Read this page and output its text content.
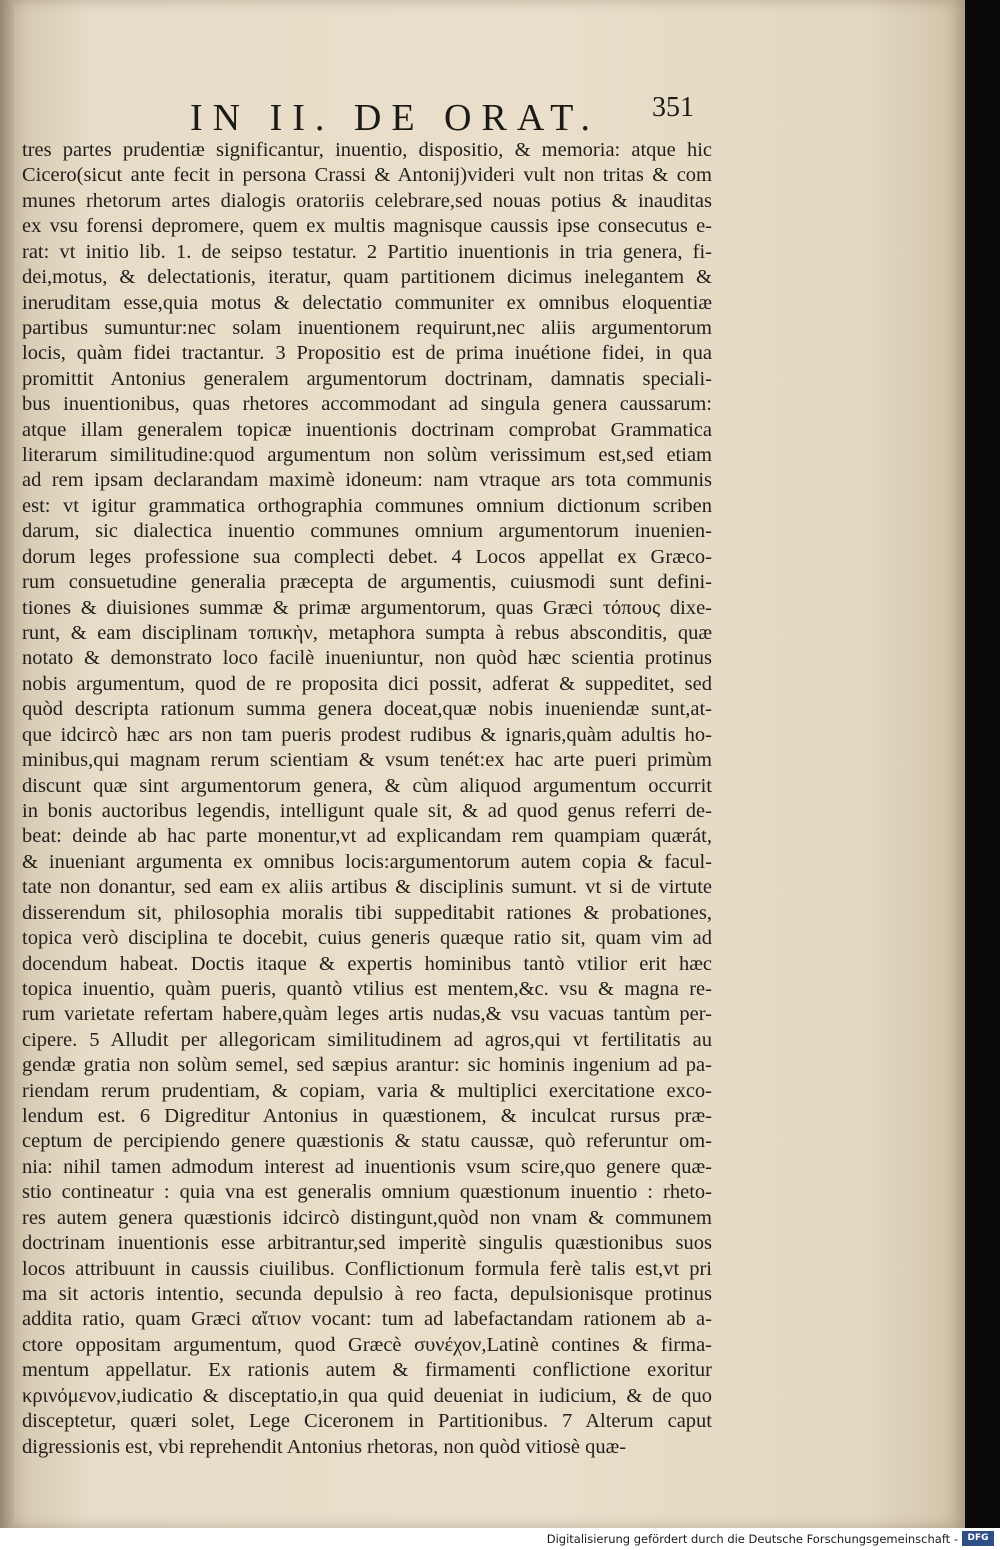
IN II. DE ORAT.	351
tres partes prudentiæ significantur, inuentio, dispositio, & memoria: atque hic
Cicero(sicut ante fecit in persona Crassi & Antonij)videri vult non tritas & com
munes rhetorum artes dialogis oratoriis celebrare,sed nouas potius & inauditas
ex vsu forensi depromere, quem ex multis magnisque caussis ipse consecutus e-
rat: vt initio lib. 1. de seipso testatur. 2 Partitio inuentionis in tria genera, fi-
dei,motus, & delectationis, iteratur, quam partitionem dicimus inelegantem &
ineruditam esse,quia motus & delectatio communiter ex omnibus eloquentiæ
partibus sumuntur:nec solam inuentionem requirunt,nec aliis argumentorum
locis, quàm fidei tractantur. 3 Propositio est de prima inuétione fidei, in qua
promittit Antonius generalem argumentorum doctrinam, damnatis speciali-
bus inuentionibus, quas rhetores accommodant ad singula genera caussarum:
atque illam generalem topicæ inuentionis doctrinam comprobat Grammatica
literarum similitudine:quod argumentum non solùm verissimum est,sed etiam
ad rem ipsam declarandam maximè idoneum: nam vtraque ars tota communis
est: vt igitur grammatica orthographia communes omnium dictionum scriben
darum, sic dialectica inuentio communes omnium argumentorum inuenien-
dorum leges professione sua complecti debet. 4 Locos appellat ex Græco-
rum consuetudine generalia præcepta de argumentis, cuiusmodi sunt defini-
tiones & diuisiones summæ & primæ argumentorum, quas Græci τόπους dixe-
runt, & eam disciplinam τοπικὴν, metaphora sumpta à rebus absconditis, quæ
notato & demonstrato loco facilè inueniuntur, non quòd hæc scientia protinus
nobis argumentum, quod de re proposita dici possit, adferat & suppeditet, sed
quòd descripta rationum summa genera doceat,quæ nobis inueniendæ sunt,at-
que idcircò hæc ars non tam pueris prodest rudibus & ignaris,quàm adultis ho-
minibus,qui magnam rerum scientiam & vsum tenét:ex hac arte pueri primùm
discunt quæ sint argumentorum genera, & cùm aliquod argumentum occurrit
in bonis auctoribus legendis, intelligunt quale sit, & ad quod genus referri de-
beat: deinde ab hac parte monentur,vt ad explicandam rem quampiam quærát,
& inueniant argumenta ex omnibus locis:argumentorum autem copia & facul-
tate non donantur, sed eam ex aliis artibus & disciplinis sumunt. vt si de virtute
disserendum sit, philosophia moralis tibi suppeditabit rationes & probationes,
topica verò disciplina te docebit, cuius generis quæque ratio sit, quam vim ad
docendum habeat. Doctis itaque & expertis hominibus tantò vtilior erit hæc
topica inuentio, quàm pueris, quantò vtilius est mentem,&c. vsu & magna re-
rum varietate refertam habere,quàm leges artis nudas,& vsu vacuas tantùm per-
cipere. 5 Alludit per allegoricam similitudinem ad agros,qui vt fertilitatis au
gendæ gratia non solùm semel, sed sæpius arantur: sic hominis ingenium ad pa-
riendam rerum prudentiam, & copiam, varia & multiplici exercitatione exco-
lendum est. 6 Digreditur Antonius in quæstionem, & inculcat rursus præ-
ceptum de percipiendo genere quæstionis & statu caussæ, quò referuntur om-
nia: nihil tamen admodum interest ad inuentionis vsum scire,quo genere quæ-
stio contineatur : quia vna est generalis omnium quæstionum inuentio : rheto-
res autem genera quæstionis idcircò distingunt,quòd non vnam & communem
doctrinam inuentionis esse arbitrantur,sed imperitè singulis quæstionibus suos
locos attribuunt in caussis ciuilibus. Conflictionum formula ferè talis est,vt pri
ma sit actoris intentio, secunda depulsio à reo facta, depulsionisque protinus
addita ratio, quam Græci αἴτιον vocant: tum ad labefactandam rationem ab a-
ctore oppositam argumentum, quod Græcè συνέχον,Latinè contines & firma-
mentum appellatur. Ex rationis autem & firmamenti conflictione exoritur
κρινόμενον,iudicatio & disceptatio,in qua quid deueniat in iudicium, & de quo
disceptetur, quæri solet, Lege Ciceronem in Partitionibus. 7 Alterum caput
digressionis est, vbi reprehendit Antonius rhetoras, non quòd vitiosè quæ-
Digitalisierung gefördert durch die Deutsche Forschungsgemeinschaft -	DFG
